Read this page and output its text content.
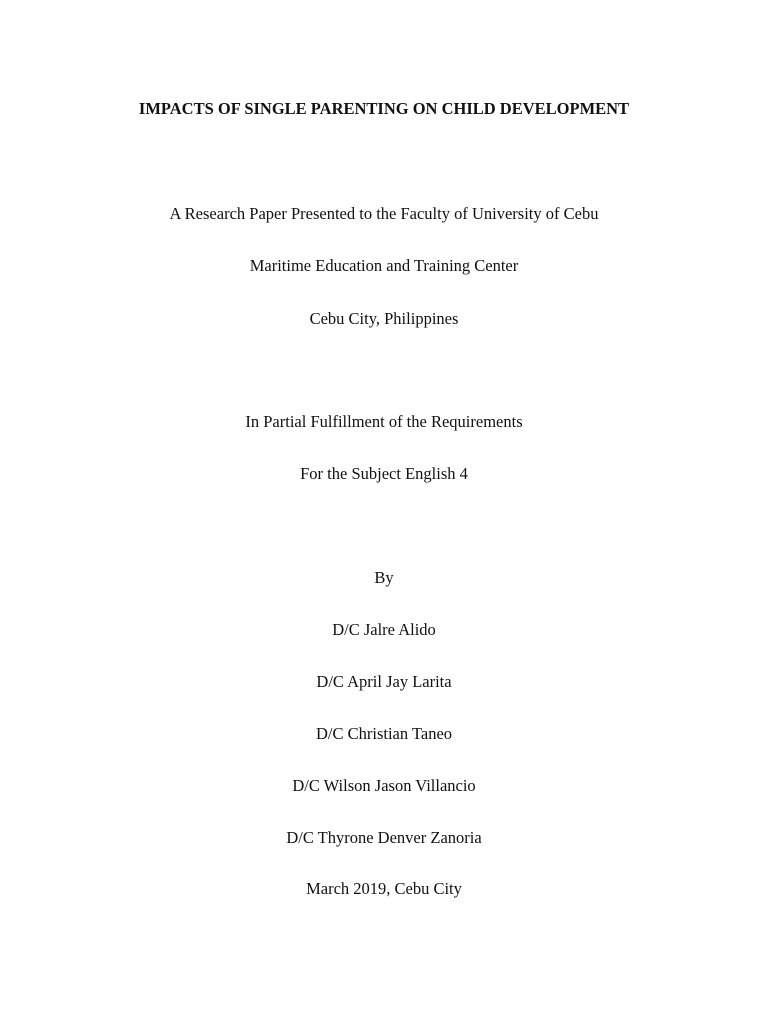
IMPACTS OF SINGLE PARENTING ON CHILD DEVELOPMENT
A Research Paper Presented to the Faculty of University of Cebu
Maritime Education and Training Center
Cebu City, Philippines
In Partial Fulfillment of the Requirements
For the Subject English 4
By
D/C Jalre Alido
D/C April Jay Larita
D/C Christian Taneo
D/C Wilson Jason Villancio
D/C Thyrone Denver Zanoria
March 2019, Cebu City
